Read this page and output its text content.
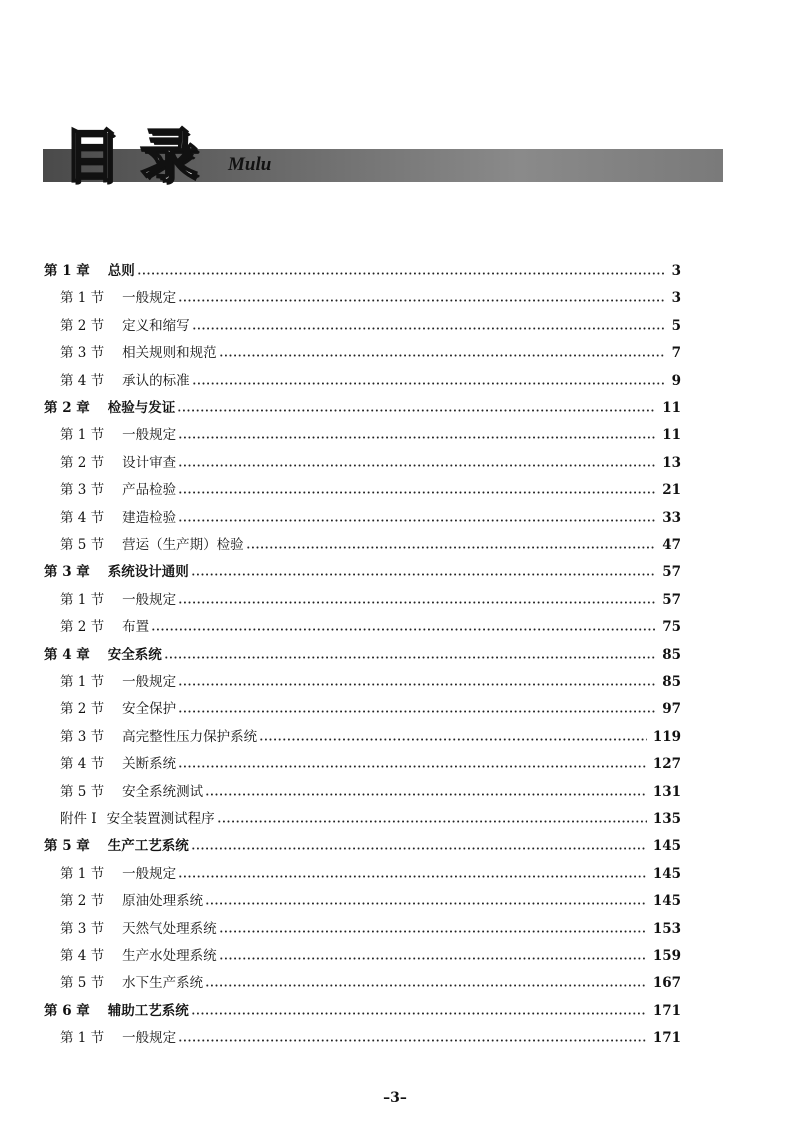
目 录 Mulu
第 1 章 总则	3
第 1 节 一般规定	3
第 2 节 定义和缩写	5
第 3 节 相关规则和规范	7
第 4 节 承认的标准	9
第 2 章 检验与发证	11
第 1 节 一般规定	11
第 2 节 设计审查	13
第 3 节 产品检验	21
第 4 节 建造检验	33
第 5 节 营运（生产期）检验	47
第 3 章 系统设计通则	57
第 1 节 一般规定	57
第 2 节 布置	75
第 4 章 安全系统	85
第 1 节 一般规定	85
第 2 节 安全保护	97
第 3 节 高完整性压力保护系统	119
第 4 节 关断系统	127
第 5 节 安全系统测试	131
附件 I 安全装置测试程序	135
第 5 章 生产工艺系统	145
第 1 节 一般规定	145
第 2 节 原油处理系统	145
第 3 节 天然气处理系统	153
第 4 节 生产水处理系统	159
第 5 节 水下生产系统	167
第 6 章 辅助工艺系统	171
第 1 节 一般规定	171
–3–
